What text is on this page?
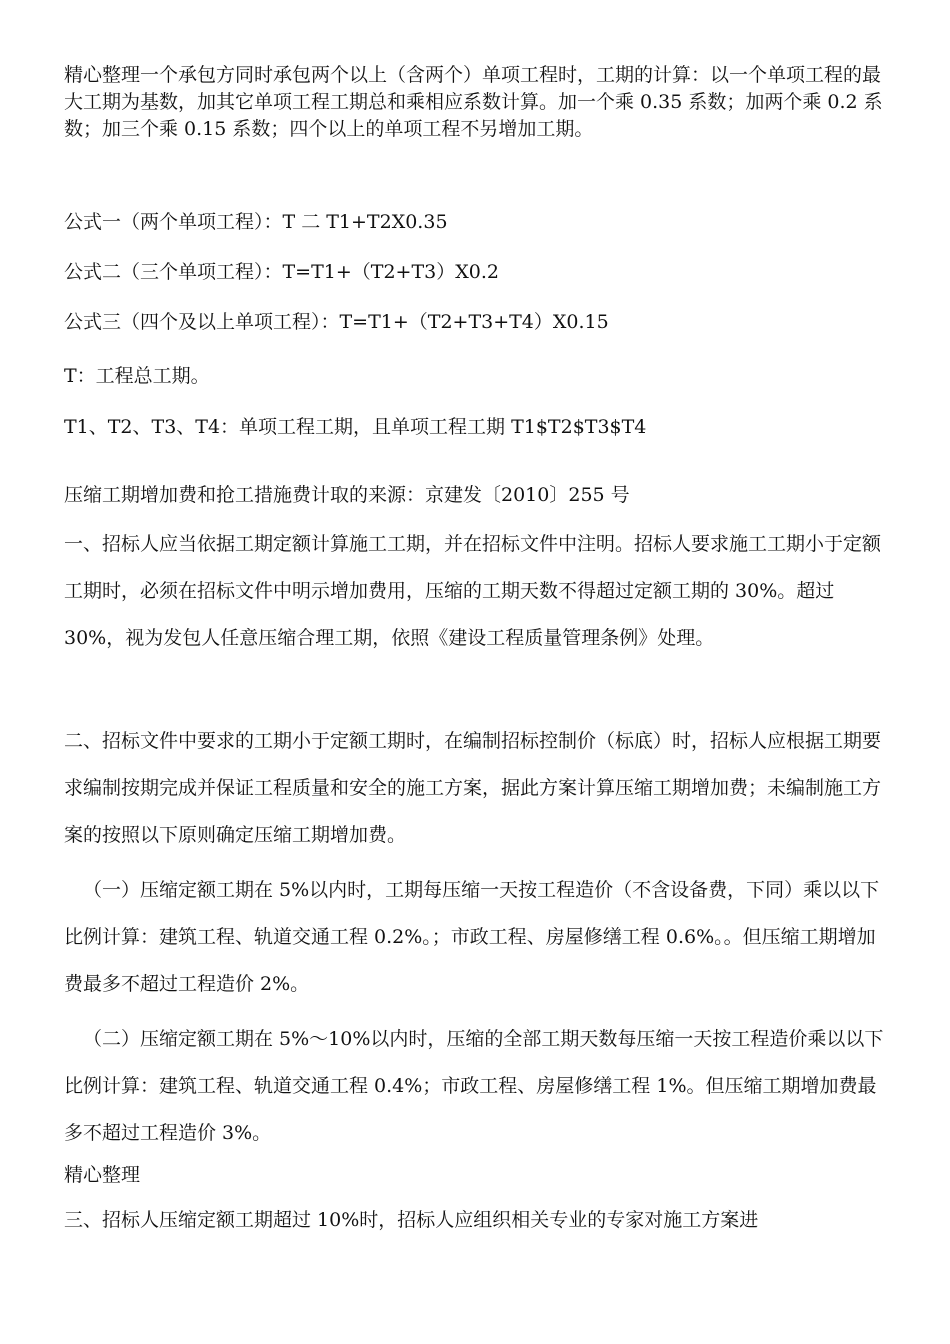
精心整理一个承包方同时承包两个以上（含两个）单项工程时，工期的计算：以一个单项工程的最大工期为基数，加其它单项工程工期总和乘相应系数计算。加一个乘 0.35 系数；加两个乘 0.2 系数；加三个乘 0.15 系数；四个以上的单项工程不另增加工期。

公式一（两个单项工程）：T 二 T1+T2X0.35

公式二（三个单项工程）：T=T1+（T2+T3）X0.2

公式三（四个及以上单项工程）：T=T1+（T2+T3+T4）X0.15

T：工程总工期。

T1、T2、T3、T4：单项工程工期，且单项工程工期 T1$T2$T3$T4

压缩工期增加费和抢工措施费计取的来源：京建发〔2010〕255 号

一、招标人应当依据工期定额计算施工工期，并在招标文件中注明。招标人要求施工工期小于定额工期时，必须在招标文件中明示增加费用，压缩的工期天数不得超过定额工期的 30%。超过 30%，视为发包人任意压缩合理工期，依照《建设工程质量管理条例》处理。

二、招标文件中要求的工期小于定额工期时，在编制招标控制价（标底）时，招标人应根据工期要求编制按期完成并保证工程质量和安全的施工方案，据此方案计算压缩工期增加费；未编制施工方案的按照以下原则确定压缩工期增加费。

（一）压缩定额工期在 5%以内时，工期每压缩一天按工程造价（不含设备费，下同）乘以以下比例计算：建筑工程、轨道交通工程 0.2%。；市政工程、房屋修缮工程 0.6%。。但压缩工期增加费最多不超过工程造价 2%。

（二）压缩定额工期在 5%〜10%以内时，压缩的全部工期天数每压缩一天按工程造价乘以以下比例计算：建筑工程、轨道交通工程 0.4%；市政工程、房屋修缮工程 1%。但压缩工期增加费最多不超过工程造价 3%。

精心整理

三、招标人压缩定额工期超过 10%时，招标人应组织相关专业的专家对施工方案进
